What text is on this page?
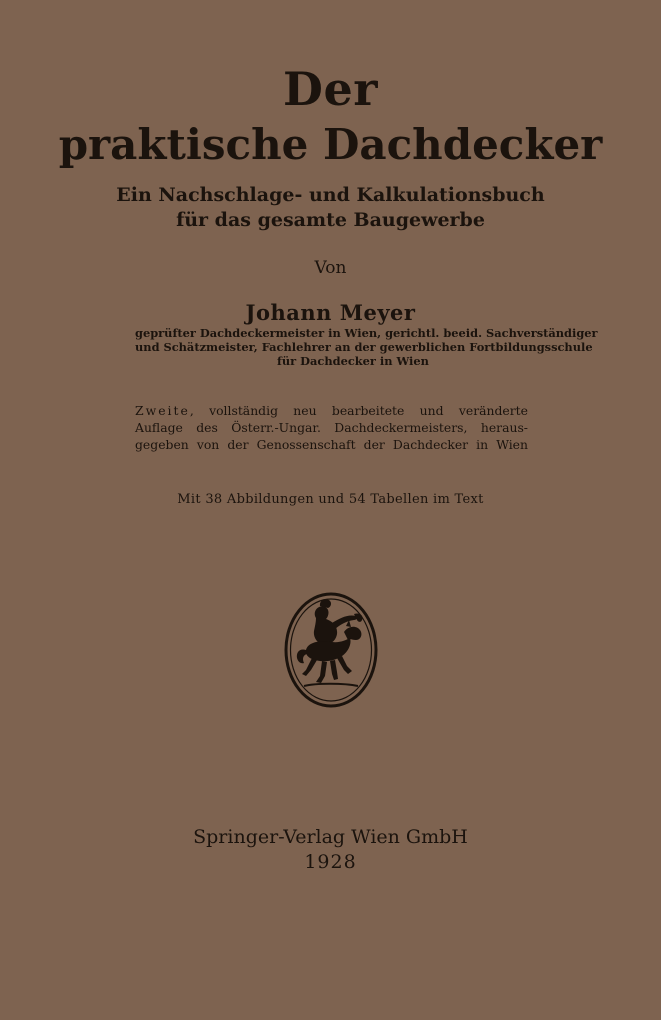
Der
praktische Dachdecker
Ein Nachschlage- und Kalkulationsbuch
für das gesamte Baugewerbe
Von
Johann Meyer
geprüfter Dachdeckermeister in Wien, gerichtl. beeid. Sachverständiger
und Schätzmeister, Fachlehrer an der gewerblichen Fortbildungsschule
für Dachdecker in Wien
Zweite, vollständig neu bearbeitete und veränderte
Auflage des Österr.-Ungar. Dachdeckermeisters, heraus-
gegeben von der Genossenschaft der Dachdecker in Wien
Mit 38 Abbildungen und 54 Tabellen im Text
Springer-Verlag Wien GmbH
1928
